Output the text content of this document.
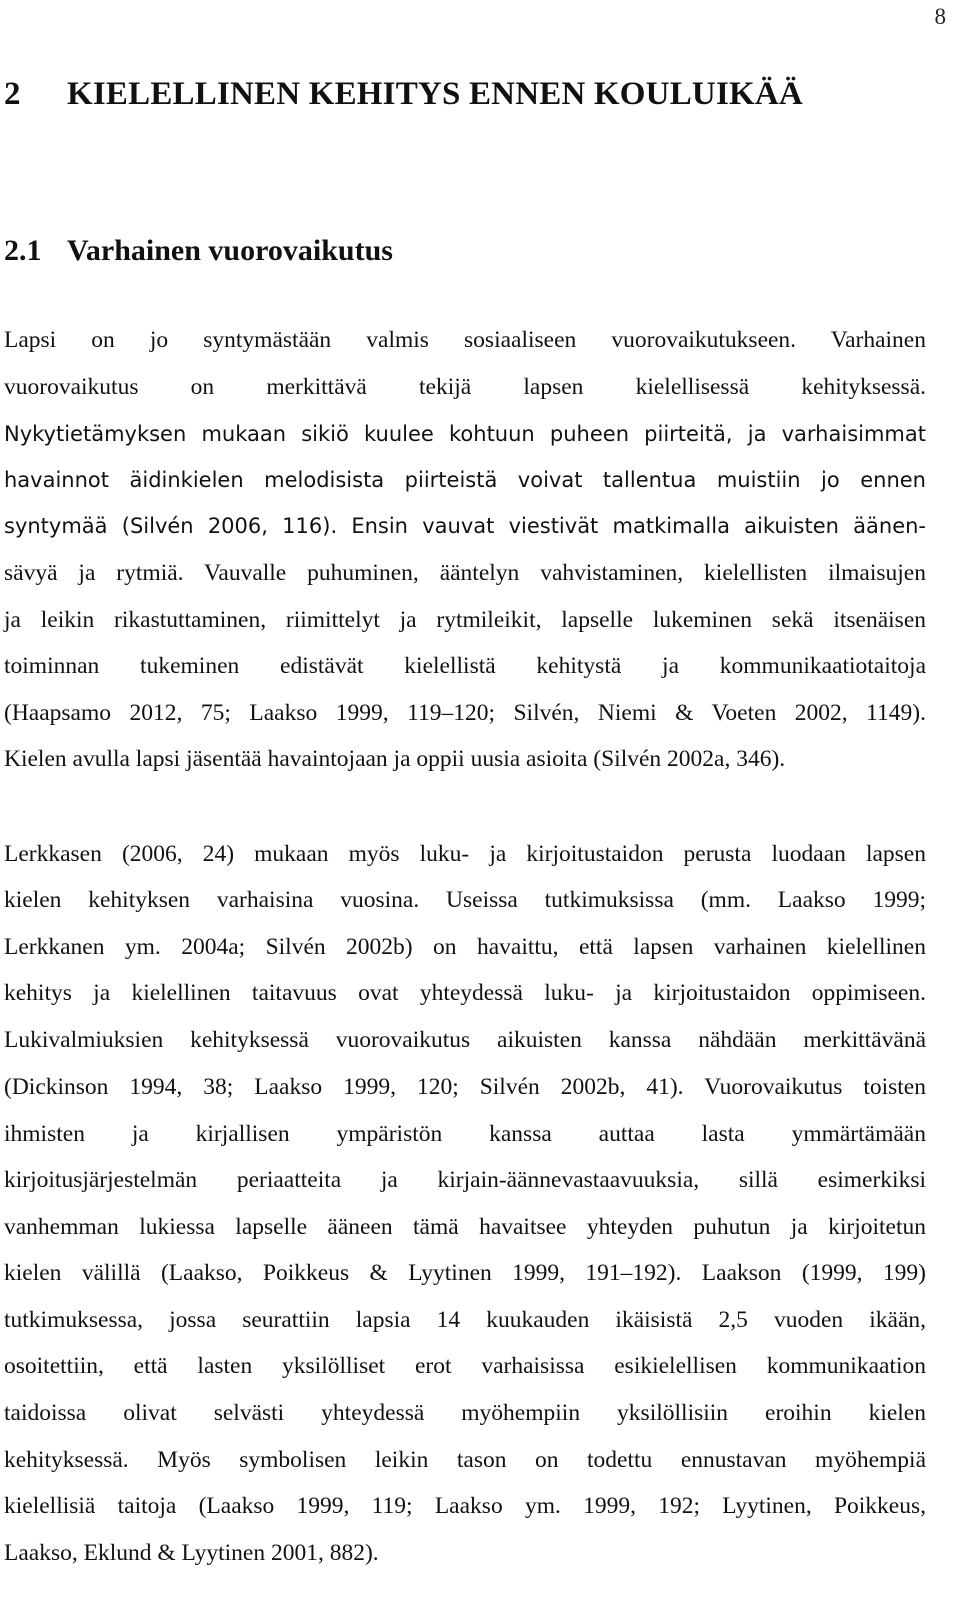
8
2 KIELELLINEN KEHITYS ENNEN KOULUIKÄÄ
2.1 Varhainen vuorovaikutus

Lapsi on jo syntymästään valmis sosiaaliseen vuorovaikutukseen. Varhainen

vuorovaikutus on merkittävä tekijä lapsen kielellisessä kehityksessä.

Nykytietämyksen mukaan sikiö kuulee kohtuun puheen piirteitä, ja varhaisimmat

havainnot äidinkielen melodisista piirteistä voivat tallentua muistiin jo ennen

syntymää (Silvén 2006, 116). Ensin vauvat viestivät matkimalla aikuisten äänen-

sävyä ja rytmiä. Vauvalle puhuminen, ääntelyn vahvistaminen, kielellisten ilmaisujen

ja leikin rikastuttaminen, riimittelyt ja rytmileikit, lapselle lukeminen sekä itsenäisen

toiminnan tukeminen edistävät kielellistä kehitystä ja kommunikaatiotaitoja

(Haapsamo 2012, 75; Laakso 1999, 119–120; Silvén, Niemi & Voeten 2002, 1149).

Kielen avulla lapsi jäsentää havaintojaan ja oppii uusia asioita (Silvén 2002a, 346).

Lerkkasen (2006, 24) mukaan myös luku- ja kirjoitustaidon perusta luodaan lapsen

kielen kehityksen varhaisina vuosina. Useissa tutkimuksissa (mm. Laakso 1999;

Lerkkanen ym. 2004a; Silvén 2002b) on havaittu, että lapsen varhainen kielellinen

kehitys ja kielellinen taitavuus ovat yhteydessä luku- ja kirjoitustaidon oppimiseen.

Lukivalmiuksien kehityksessä vuorovaikutus aikuisten kanssa nähdään merkittävänä

(Dickinson 1994, 38; Laakso 1999, 120; Silvén 2002b, 41). Vuorovaikutus toisten

ihmisten ja kirjallisen ympäristön kanssa auttaa lasta ymmärtämään

kirjoitusjärjestelmän periaatteita ja kirjain-äännevastaavuuksia, sillä esimerkiksi

vanhemman lukiessa lapselle ääneen tämä havaitsee yhteyden puhutun ja kirjoitetun

kielen välillä (Laakso, Poikkeus & Lyytinen 1999, 191–192). Laakson (1999, 199)

tutkimuksessa, jossa seurattiin lapsia 14 kuukauden ikäisistä 2,5 vuoden ikään,

osoitettiin, että lasten yksilölliset erot varhaisissa esikielellisen kommunikaation

taidoissa olivat selvästi yhteydessä myöhempiin yksilöllisiin eroihin kielen

kehityksessä. Myös symbolisen leikin tason on todettu ennustavan myöhempiä

kielellisiä taitoja (Laakso 1999, 119; Laakso ym. 1999, 192; Lyytinen, Poikkeus,

Laakso, Eklund & Lyytinen 2001, 882).
